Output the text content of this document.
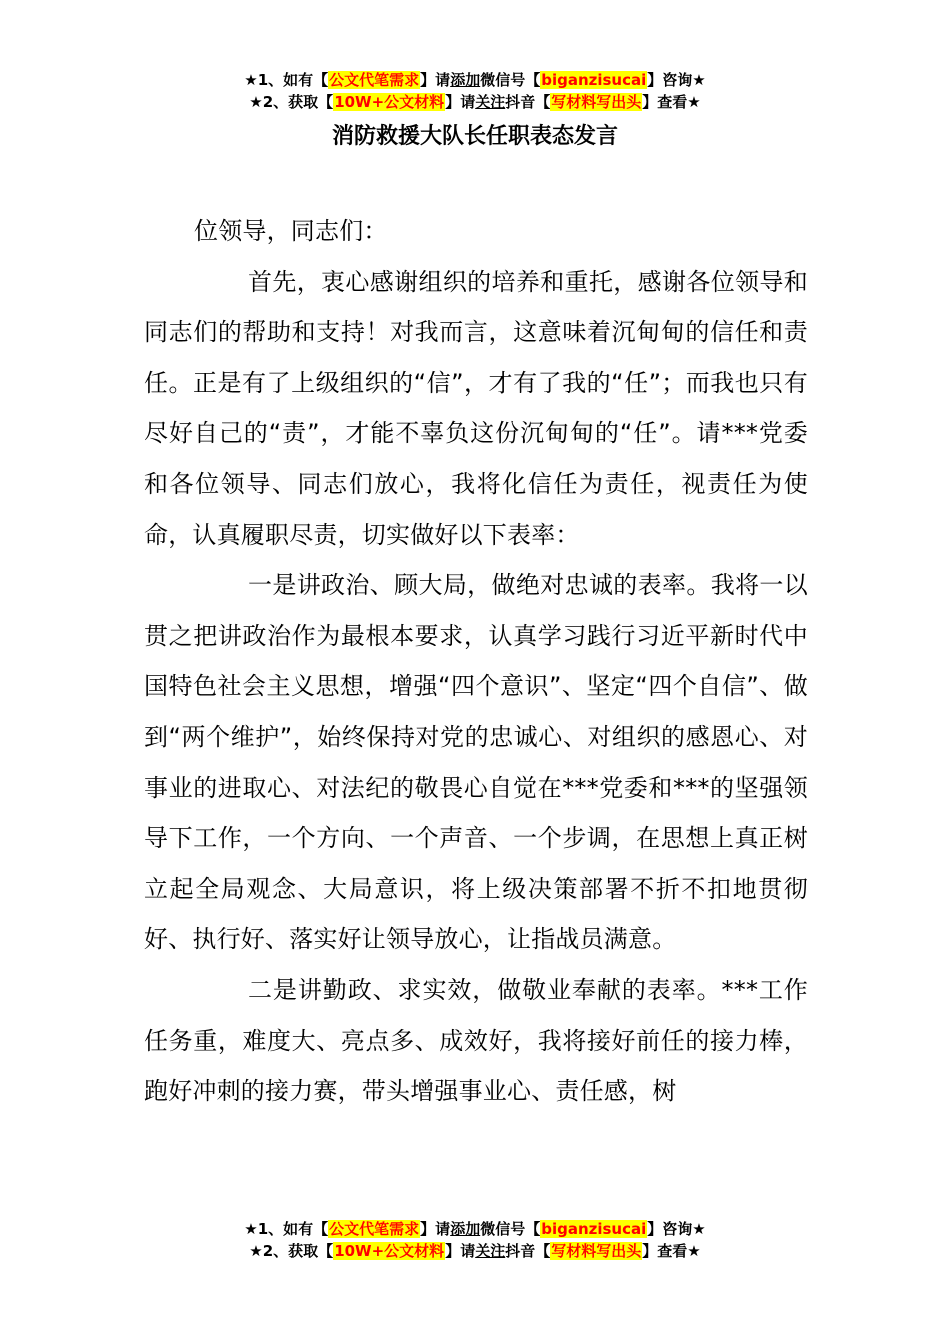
★1、如有【公文代笔需求】请添加微信号【biganzisucai】咨询★
★2、获取【10W+公文材料】请关注抖音【写材料写出头】查看★
消防救援大队长任职表态发言

位领导，同志们：

首先，衷心感谢组织的培养和重托，感谢各位领导和同志们的帮助和支持！对我而言，这意味着沉甸甸的信任和责任。正是有了上级组织的“信”，才有了我的“任”；而我也只有尽好自己的“责”，才能不辜负这份沉甸甸的“任”。请***党委和各位领导、同志们放心，我将化信任为责任，视责任为使命，认真履职尽责，切实做好以下表率：

一是讲政治、顾大局，做绝对忠诚的表率。我将一以贯之把讲政治作为最根本要求，认真学习践行习近平新时代中国特色社会主义思想，增强“四个意识”、坚定“四个自信”、做到“两个维护”，始终保持对党的忠诚心、对组织的感恩心、对事业的进取心、对法纪的敬畏心自觉在***党委和***的坚强领导下工作，一个方向、一个声音、一个步调，在思想上真正树立起全局观念、大局意识，将上级决策部署不折不扣地贯彻好、执行好、落实好让领导放心，让指战员满意。

二是讲勤政、求实效，做敬业奉献的表率。***工作任务重，难度大、亮点多、成效好，我将接好前任的接力棒，跑好冲刺的接力赛，带头增强事业心、责任感，树

★1、如有【公文代笔需求】请添加微信号【biganzisucai】咨询★
★2、获取【10W+公文材料】请关注抖音【写材料写出头】查看★
